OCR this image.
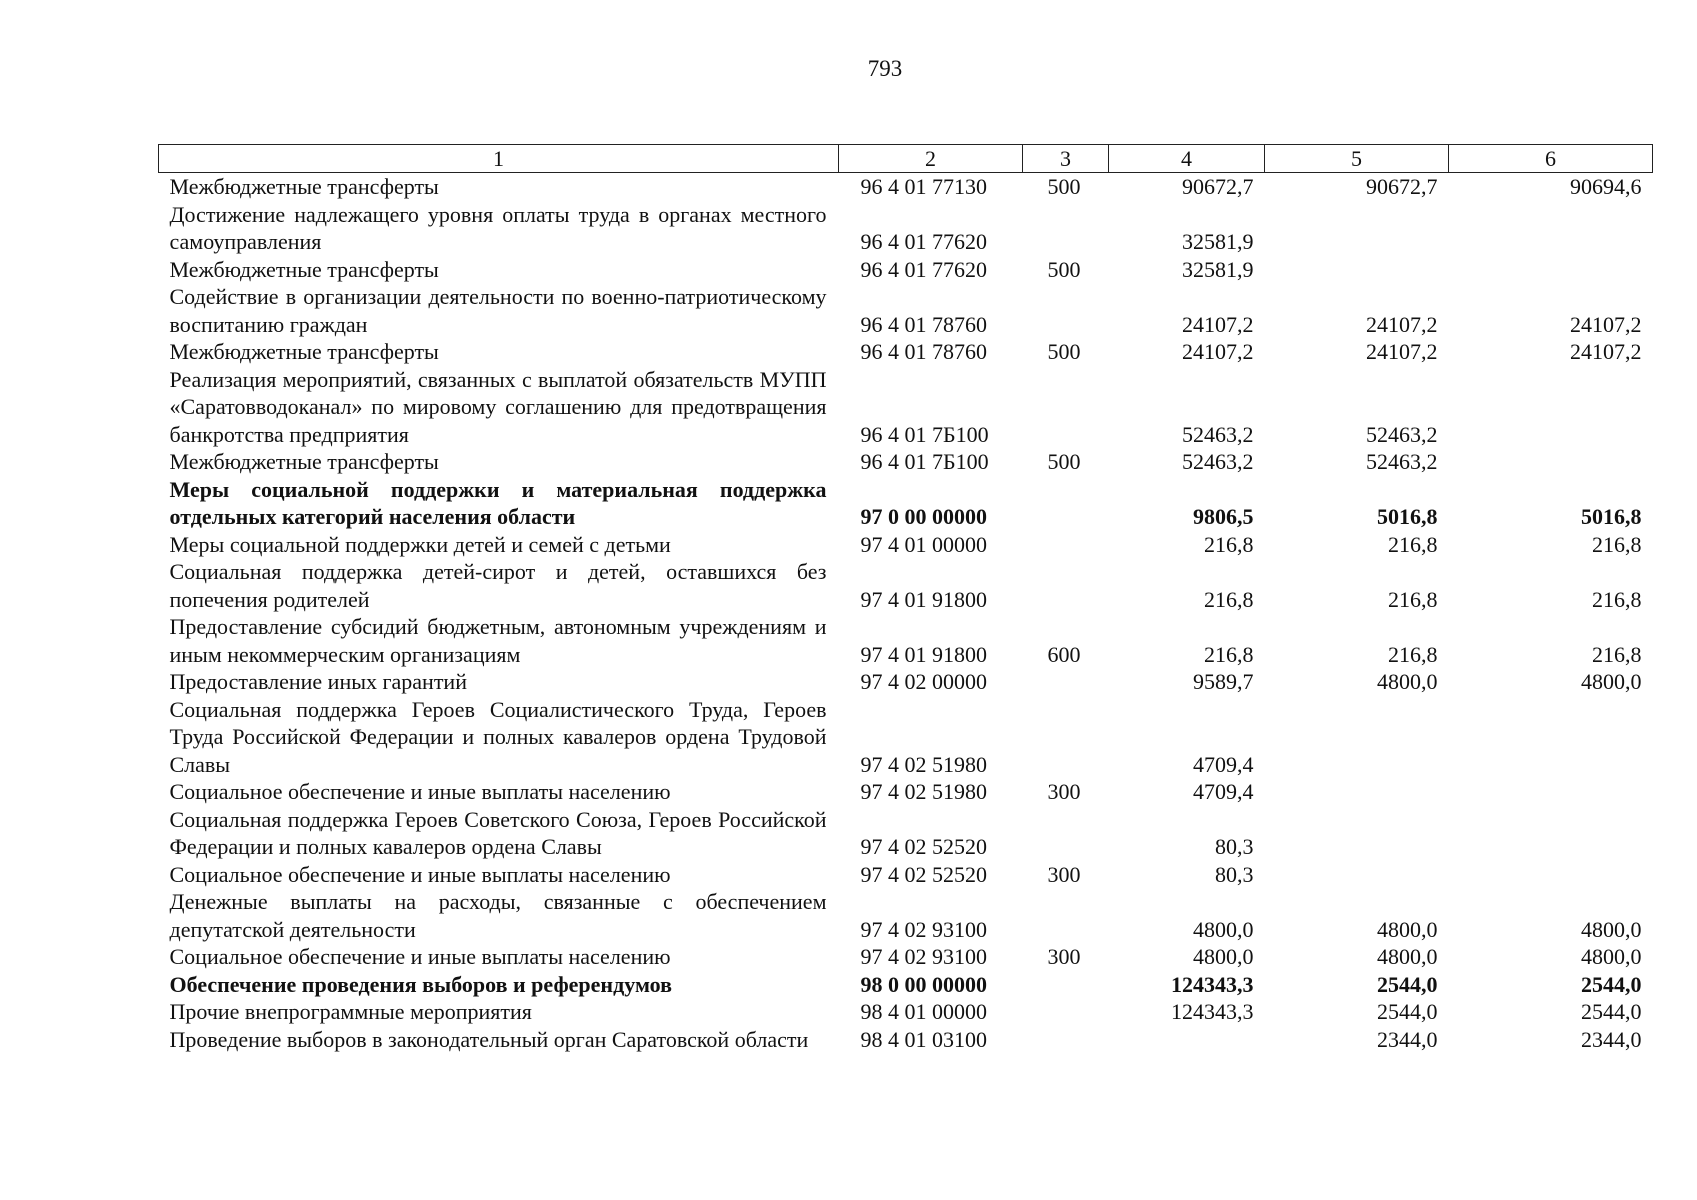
793
1	2	3	4	5	6
Межбюджетные трансферты	96 4 01 77130	500	90672,7	90672,7	90694,6
Достижение надлежащего уровня оплаты труда в органах местного самоуправления	96 4 01 77620		32581,9		
Межбюджетные трансферты	96 4 01 77620	500	32581,9		
Содействие в организации деятельности по военно-патриотическому воспитанию граждан	96 4 01 78760		24107,2	24107,2	24107,2
Межбюджетные трансферты	96 4 01 78760	500	24107,2	24107,2	24107,2
Реализация мероприятий, связанных с выплатой обязательств МУПП «Саратовводоканал» по мировому соглашению для предотвращения банкротства предприятия	96 4 01 7Б100		52463,2	52463,2	
Межбюджетные трансферты	96 4 01 7Б100	500	52463,2	52463,2	
Меры социальной поддержки и материальная поддержка отдельных категорий населения области	97 0 00 00000		9806,5	5016,8	5016,8
Меры социальной поддержки детей и семей с детьми	97 4 01 00000		216,8	216,8	216,8
Социальная поддержка детей-сирот и детей, оставшихся без попечения родителей	97 4 01 91800		216,8	216,8	216,8
Предоставление субсидий бюджетным, автономным учреждениям и иным некоммерческим организациям	97 4 01 91800	600	216,8	216,8	216,8
Предоставление иных гарантий	97 4 02 00000		9589,7	4800,0	4800,0
Социальная поддержка Героев Социалистического Труда, Героев Труда Российской Федерации и полных кавалеров ордена Трудовой Славы	97 4 02 51980		4709,4		
Социальное обеспечение и иные выплаты населению	97 4 02 51980	300	4709,4		
Социальная поддержка Героев Советского Союза, Героев Российской Федерации и полных кавалеров ордена Славы	97 4 02 52520		80,3		
Социальное обеспечение и иные выплаты населению	97 4 02 52520	300	80,3		
Денежные выплаты на расходы, связанные с обеспечением депутатской деятельности	97 4 02 93100		4800,0	4800,0	4800,0
Социальное обеспечение и иные выплаты населению	97 4 02 93100	300	4800,0	4800,0	4800,0
Обеспечение проведения выборов и референдумов	98 0 00 00000		124343,3	2544,0	2544,0
Прочие внепрограммные мероприятия	98 4 01 00000		124343,3	2544,0	2544,0
Проведение выборов в законодательный орган Саратовской области	98 4 01 03100			2344,0	2344,0
